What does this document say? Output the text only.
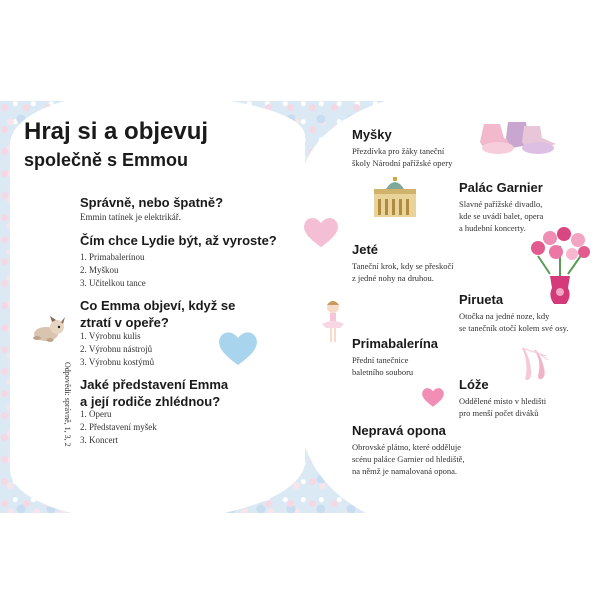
Hraj si a objevuj
společně s Emmou
Správně, nebo špatně?
Emmin tatínek je elektrikář.
Čím chce Lydie být, až vyroste?
1. Primabalerínou
2. Myškou
3. Učitelkou tance
Co Emma objeví, když se
ztratí v opeře?
1. Výrobnu kulis
2. Výrobnu nástrojů
3. Výrobnu kostýmů
Jaké představení Emma
a její rodiče zhlédnou?
1. Operu
2. Představení myšek
3. Koncert
Odpovědi: správně, 1, 3, 2
Myšky
Přezdívka pro žáky taneční
školy Národní pařížské opery
Palác Garnier
Slavné pařížské divadlo,
kde se uvádí balet, opera
a hudební koncerty.
Jeté
Taneční krok, kdy se přeskočí
z jedné nohy na druhou.
Pirueta
Otočka na jedné noze, kdy
se tanečník otočí kolem své osy.
Primabalerína
Přední tanečnice
baletního souboru
Lóže
Oddělené místo v hledišti
pro menší počet diváků
Nepravá opona
Obrovské plátno, které odděluje
scénu paláce Garnier od hlediště,
na němž je namalovaná opona.
